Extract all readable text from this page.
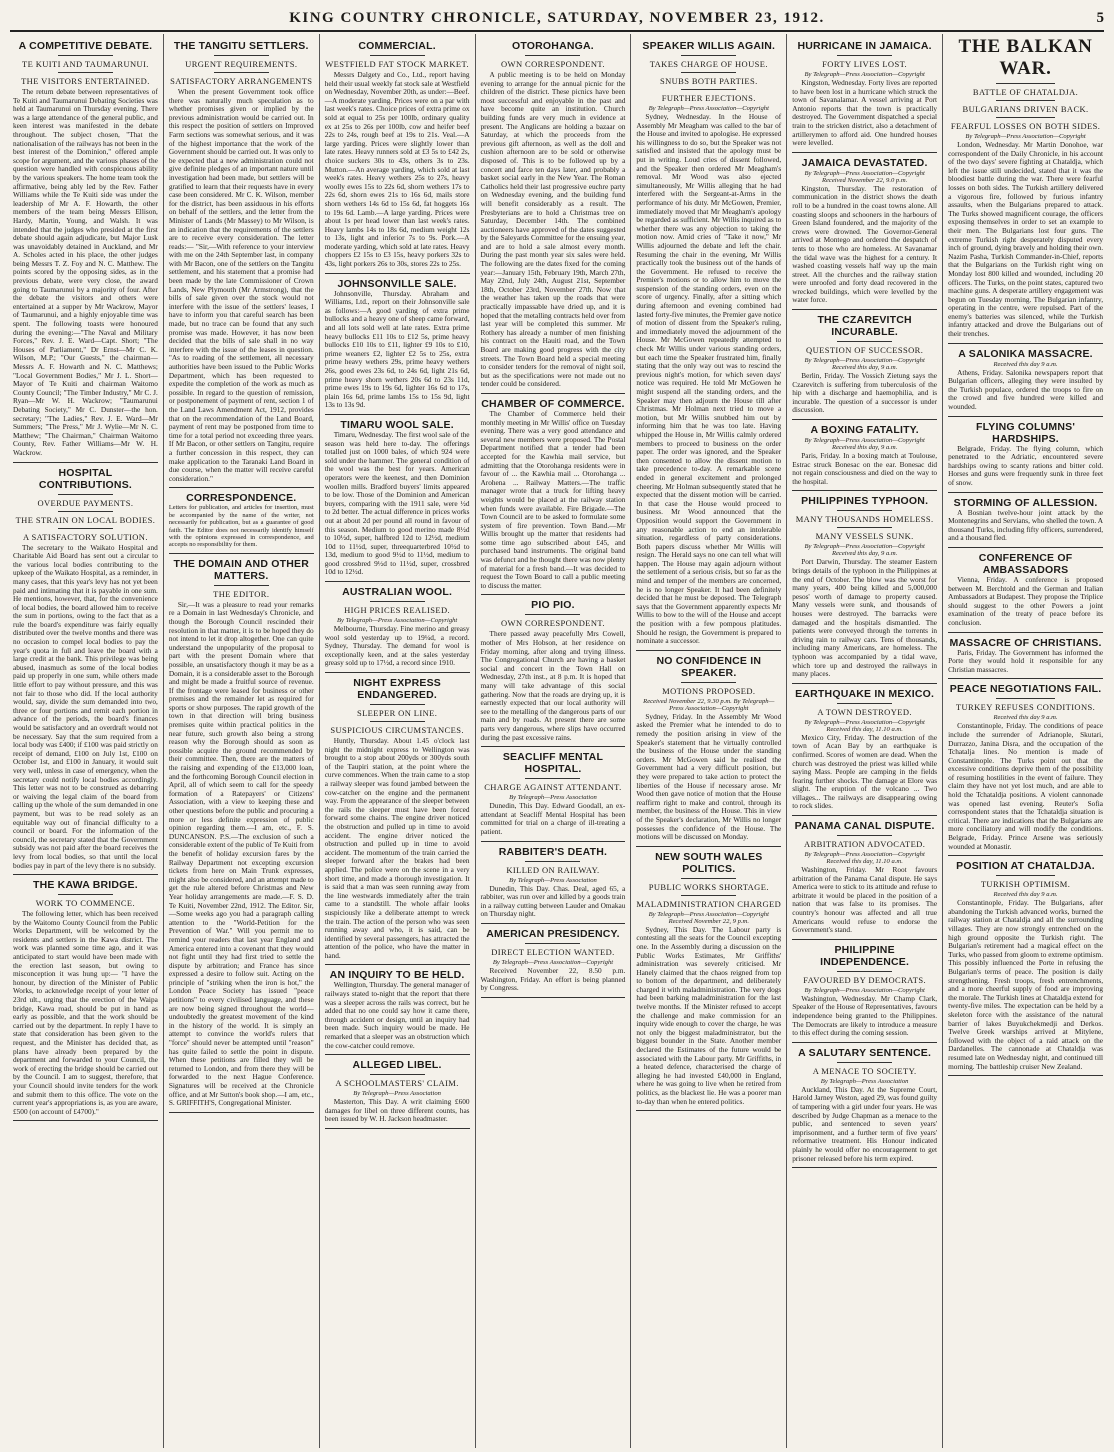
KING COUNTRY CHRONICLE, SATURDAY, NOVEMBER 23, 1912.	5
A COMPETITIVE DEBATE.
TE KUITI AND TAUMARUNUI.
THE VISITORS ENTERTAINED.

The return debate between representatives of Te Kuiti and Taumarunui Debating Societies was held at Taumarunui on Thursday evening. There was a large attendance of the general public, and keen interest was manifested in the debate throughout. The subject chosen, "That the nationalisation of the railways has not been in the best interest of the Dominion," offered ample scope for argument, and the various phases of the question were handled with conspicuous ability by the various speakers. The home team took the affirmative, being ably led by the Rev. Father Williams while the Te Kuiti side was under the leadership of Mr A. F. Howarth, the other members of the team being Messrs Ellison, Hardy, Martin, Young, and Walsh. It was intended that the judges who presided at the first debate should again adjudicate, but Major Lusk was unavoidably detained in Auckland, and Mr A. Scholes acted in his place, the other judges being Messrs T. Z. Foy and N. C. Matthew. The points scored by the opposing sides, as in the previous debate, were very close, the award going to Taumarunui by a majority of four. After the debate the visitors and others were entertained at a supper by Mr Wackrow, Mayor of Taumarunui, and a highly enjoyable time was spent. The following toasts were honoured during the evening:—"The Naval and Military Forces," Rev. J. E. Ward—Capt. Short; "The Houses of Parliament," Dr Ernst—Mr C. K. Wilson, M.P.; "Our Guests," the chairman—Messrs A. F. Howarth and N. C. Matthews; "Local Government Bodies," Mr J. L. Short—Mayor of Te Kuiti and chairman Waitomo County Council; "The Timber Industry," Mr C. J. Ryan—Mr W. H. Wackrow; "Taumarunui Debating Society," Mr C. Dunster—the hon. secretary; "The Ladies," Rev. J. E. Ward—Mr Summers; "The Press," Mr J. Wylie—Mr N. C. Matthew; "The Chairman," Chairman Waitomo County, Rev. Father Williams—Mr W. H. Wackrow.

HOSPITAL CONTRIBUTIONS.
OVERDUE PAYMENTS.
THE STRAIN ON LOCAL BODIES.
A SATISFACTORY SOLUTION.

The secretary to the Waikato Hospital and Charitable Aid Board has sent out a circular to the various local bodies contributing to the upkeep of the Waikato Hospital, as a reminder, in many cases, that this year's levy has not yet been paid and intimating that it is payable in one sum. He mentions, however, that, for the convenience of local bodies, the board allowed him to receive the sum in portions, owing to the fact that as a rule the board's expenditure was fairly equally distributed over the twelve months and there was no occasion to compel local bodies to pay the year's quota in full and leave the board with a large credit at the bank. This privilege was being abused, inasmuch as some of the local bodies paid up properly in one sum, while others made little effort to pay without pressure, and this was not fair to those who did. If the local authority would, say, divide the sum demanded into two, three or four portions and remit each portion in advance of the periods, the board's finances would be satisfactory and an overdraft would not be necessary. Say that the sum required from a local body was £400; if £100 was paid strictly on receipt of demand, £100 on July 1st, £100 on October 1st, and £100 in January, it would suit very well, unless in case of emergency, when the secretary could notify local bodies accordingly. This letter was not to be construed as debarring or waiving the legal claim of the board from calling up the whole of the sum demanded in one payment, but was to be read solely as an equitable way out of financial difficulty to a council or board. For the information of the council, the secretary stated that the Government subsidy was not paid after the board receives the levy from local bodies, so that until the local bodies pay in part of the levy there is no subsidy.

THE KAWA BRIDGE.
WORK TO COMMENCE.

The following letter, which has been received by the Waitomo County Council from the Public Works Department, will be welcomed by the residents and settlers in the Kawa district. The work was planned some time ago, and it was anticipated to start would have been made with the erection last season, but owing to misconception it was hung up:— "I have the honour, by direction of the Minister of Public Works, to acknowledge receipt of your letter of 23rd ult., urging that the erection of the Waipa bridge, Kawa road, should be put in hand as early as possible, and that the work should be carried out by the department. In reply I have to state that consideration has been given to the request, and the Minister has decided that, as plans have already been prepared by the department and forwarded to your Council, the work of erecting the bridge should be carried out by the Council. I am to suggest, therefore, that your Council should invite tenders for the work and submit them to this office. The vote on the current year's appropriations is, as you are aware, £500 (on account of £4700)."

THE TANGITU SETTLERS.
URGENT REQUIREMENTS.
SATISFACTORY ARRANGEMENTS

When the present Government took office there was naturally much speculation as to whether promises given or implied by the previous administration would be carried out. In this respect the position of settlers on Improved Farm sections was somewhat serious, and it was of the highest importance that the work of the Government should be carried out. It was only to be expected that a new administration could not give definite pledges of an important nature until investigation had been made, but settlers will be gratified to learn that their requests have in every case been considered. Mr C. K. Wilson, member for the district, has been assiduous in his efforts on behalf of the settlers, and the letter from the Minister of Lands (Mr Massey) to Mr Wilson, is an indication that the requirements of the settlers are to receive every consideration. The letter reads:— "Sir,—With reference to your interview with me on the 24th September last, in company with Mr Bacon, one of the settlers on the Tangitu settlement, and his statement that a promise had been made by the late Commissioner of Crown Lands, New Plymouth (Mr Armstrong), that the bills of sale given over the stock would not interfere with the issue of the settlers' leases, I have to inform you that careful search has been made, but no trace can be found that any such promise was made. However, it has now been decided that the bills of sale shall in no way interfere with the issue of the leases in question. "As to roading of the settlement, all necessary authorities have been issued to the Public Works Department, which has been requested to expedite the completion of the work as much as possible. In regard to the question of remission, or postponement of payment of rent, section 1 of the Land Laws Amendment Act, 1912, provides that on the recommendation of the Land Board, payment of rent may be postponed from time to time for a total period not exceeding three years. If Mr Bacon, or other settlers on Tangitu, require a further concession in this respect, they can make application to the Taranaki Land Board in due course, when the matter will receive careful consideration."

CORRESPONDENCE.
Letters for publication, and articles for insertion, must be accompanied by the name of the writer, not necessarily for publication, but as a guarantee of good faith. The Editor does not necessarily identify himself with the opinions expressed in correspondence, and accepts no responsibility for them.
THE DOMAIN AND OTHER MATTERS.
THE EDITOR.

Sir,—It was a pleasure to read your remarks re a Domain in last Wednesday's Chronicle, and though the Borough Council rescinded their resolution in that matter, it is to be hoped they do not intend to let it drop altogether. One can quite understand the unpopularity of the proposal to part with the present Domain where that possible, an unsatisfactory though it may be as a Domain, it is a considerable asset to the Borough and might be made a fruitful source of revenue. If the frontage were leased for business or other premises and the remainder let as required for sports or show purposes. The rapid growth of the town in that direction will bring business premises quite within practical politics in the near future, such growth also being a strong reason why the Borough should as soon as possible acquire the ground recommended by their committee. Then, there are the matters of the raising and expending of the £13,000 loan, and the forthcoming Borough Council election in April, all of which seem to call for the speedy formation of a Ratepayers' or Citizens' Association, with a view to keeping these and other questions before the public and procuring a more or less definite expression of public opinion regarding them.—I am, etc., F. S. DUNCANSON. P.S.—The exclusion of such a considerable extent of the public of Te Kuiti from the benefit of holiday excursion fares by the Railway Department not excepting excursion tickets from here on Main Trunk expresses, might also be considered, and an attempt made to get the rule altered before Christmas and New Year holiday arrangements are made.—F. S. D. Te Kuiti, November 22nd, 1912. The Editor. Sir,—Some weeks ago you had a paragraph calling attention to the "World-Petition for the Prevention of War." Will you permit me to remind your readers that last year England and America entered into a covenant that they would not fight until they had first tried to settle the dispute by arbitration; and France has since expressed a desire to follow suit. Acting on the principle of "striking when the iron is hot," the London Peace Society has issued "peace petitions" to every civilised language, and these are now being signed throughout the world—undoubtedly the greatest movement of the kind in the history of the world. It is simply an attempt to convince the world's rulers that "force" should never be attempted until "reason" has quite failed to settle the point in dispute. When these petitions are filled they will be returned to London, and from there they will be forwarded to the next Hague Conference. Signatures will be received at the Chronicle office, and at Mr Sutton's book shop.—I am, etc., S. GRIFFITH'S, Congregational Minister.

COMMERCIAL.
WESTFIELD FAT STOCK MARKET.

Messrs Dalgety and Co., Ltd., report having held their usual weekly fat stock sale at Westfield on Wednesday, November 20th, as under:—Beef.—A moderate yarding. Prices were on a par with last week's rates. Choice prices of extra prime ox sold at equal to 25s per 100lb, ordinary quality ex at 25s to 26s per 100lb, cow and heifer beef 22s to 24s, rough beef at 19s to 21s. Veal.—A large yarding. Prices were slightly lower than late rates. Heavy runners sold at £3 5s to £42 2s, choice suckers 30s to 43s, others 3s to 23s. Mutton.—An average yarding, which sold at last week's rates. Heavy wethers 25s to 27s, heavy woolly ewes 15s to 22s 6d, shorn wethers 17s to 22s 6d, shorn ewes 21s to 16s 6d, mails store shorn wethers 14s 6d to 15s 6d, fat hoggets 16s to 19s 6d. Lamb.—A large yarding. Prices were about 1s per head lower than last week's rates. Heavy lambs 14s to 18s 6d, medium weight 12s to 13s, light and inferior 7s to 9s. Pork.—A moderate yarding, which sold at late rates. Heavy choppers £2 15s to £3 15s, heavy porkers 32s to 43s, light porkers 26s to 30s, stores 22s to 25s.

JOHNSONVILLE SALE.

Johnsonville, Thursday. Abraham and Williams, Ltd., report on their Johnsonville sale as follows:—A good yarding of extra prime bullocks and a heavy one of sheep came forward, and all lots sold well at late rates. Extra prime heavy bullocks £11 10s to £12 5s, prime heavy bullocks £10 10s to £11, lighter £9 10s to £10, prime weaners £2, lighter £2 5s to 25s, extra prime heavy wethers 29s, prime heavy wethers 26s, good ewes 23s 6d, to 24s 6d, light 21s 6d, prime heavy shorn wethers 20s 6d to 23s 11d, prime ewes 19s to 19s 6d, lighter 16s 6d to 17s, plain 16s 6d, prime lambs 15s to 15s 9d, light 13s to 13s 9d.

TIMARU WOOL SALE.

Timaru, Wednesday. The first wool sale of the season was held here to-day. The offerings totalled just on 1000 bales, of which 924 were sold under the hammer. The general condition of the wool was the best for years. American operators were the keenest, and then Dominion woollen mills. Bradford buyers' limits appeared to be low. Those of the Dominion and American buyers, comparing with the 1911 sale, were ½d to 2d better. The actual difference in prices works out at about 2d per pound all round in favour of this season. Medium to good merino made 8½d to 10½d, super, halfbred 12d to 12½d, medium 10d to 11½d, super, threequarterbred 10½d to 13d, medium to good 9½d to 11½d, medium to good crossbred 9½d to 11½d, super, crossbred 10d to 12½d.

AUSTRALIAN WOOL.
HIGH PRICES REALISED.
By Telegraph—Press Association—Copyright

Melbourne, Thursday. Fine merino and greasy wool sold yesterday up to 19¼d, a record. Sydney, Thursday. The demand for wool is exceptionally keen, and at the sales yesterday greasy sold up to 17½d, a record since 1910.

NIGHT EXPRESS ENDANGERED.
SLEEPER ON LINE.
SUSPICIOUS CIRCUMSTANCES.

Huntly, Thursday. About 1.45 o'clock last night the midnight express to Wellington was brought to a stop about 200yds or 300yds south of the Taupiri station, at the point where the curve commences. When the train came to a stop a railway sleeper was found jambed between the cow-catcher on the engine and the permanent way. From the appearance of the sleeper between the rails the sleeper must have been forced forward some chains. The engine driver noticed the obstruction and pulled up in time to avoid accident. The engine driver noticed the obstruction and pulled up in time to avoid accident. The momentum of the train carried the sleeper forward after the brakes had been applied. The police were on the scene in a very short time, and made a thorough investigation. It is said that a man was seen running away from the line westwards immediately after the train came to a standstill. The whole affair looks suspiciously like a deliberate attempt to wreck the train. The action of the person who was seen running away and who, it is said, can be identified by several passengers, has attracted the attention of the police, who have the matter in hand.

AN INQUIRY TO BE HELD.

Wellington, Thursday. The general manager of railways stated to-night that the report that there was a sleeper across the rails was correct, but he added that no one could say how it came there, through accident or design, until an inquiry had been made. Such inquiry would be made. He remarked that a sleeper was an obstruction which the cow-catcher could remove.

ALLEGED LIBEL.
A SCHOOLMASTERS' CLAIM.
By Telegraph—Press Association

Masterton, This Day. A writ claiming £600 damages for libel on three different counts, has been issued by W. H. Jackson headmaster.

OTOROHANGA.
OWN CORRESPONDENT.

A public meeting is to be held on Monday evening to arrange for the annual picnic for the children of the district. These picnics have been most successful and enjoyable in the past and have become quite an institution. Church building funds are very much in evidence at present. The Anglicans are holding a bazaar on Saturday, at which the proceeds from the previous gift afternoon, as well as the doll and cushion afternoon are to be sold or otherwise disposed of. This is to be followed up by a concert and farce ten days later, and probably a basket social early in the New Year. The Roman Catholics held their last progressive euchre party on Wednesday evening, and the building fund will benefit considerably as a result. The Presbyterians are to hold a Christmas tree on Saturday, December 14th. The combined auctioneers have approved of the dates suggested by the Saleyards Committee for the ensuing year, and are to hold a sale almost every month. During the past month year six sales were held. The following are the dates fixed for the coming year:—January 15th, February 19th, March 27th, May 22nd, July 24th, August 21st, September 18th, October 23rd, November 27th. Now that the weather has taken up the roads that were practically impassable have dried up, and it is hoped that the metalling contracts held over from last year will be completed this summer. Mr Rothery has already a number of men finishing his contract on the Hauiti road, and the Town Board are making good progress with the city streets. The Town Board held a special meeting to consider tenders for the removal of night soil, but as the specifications were not made out no tender could be considered.

CHAMBER OF COMMERCE.

The Chamber of Commerce held their monthly meeting in Mr Willis' office on Tuesday evening. There was a very good attendance and several new members were proposed. The Postal Department notified that a tender had been accepted for the Kawhia mail service, but admitting that the Otorohanga residents were in favour of ... the Kawhia mail ... Otorohanga ... Arohena ... Railway Matters.—The traffic manager wrote that a truck for lifting heavy weights would be placed at the railway station when funds were available. Fire Brigade.—The Town Council are to be asked to formulate some system of fire prevention. Town Band.—Mr Willis brought up the matter that residents had some time ago subscribed about £45, and purchased band instruments. The original band was defunct and he thought there was now plenty of material for a fresh band.—It was decided to request the Town Board to call a public meeting to discuss the matter.

PIO PIO.
OWN CORRESPONDENT.

There passed away peacefully Mrs Cowell, mother of Mrs Hobson, at her residence on Friday morning, after along and trying illness. The Congregational Church are having a basket social and concert in the Town Hall on Wednesday, 27th inst., at 8 p.m. It is hoped that many will take advantage of this social gathering. Now that the roads are drying up, it is earnestly expected that our local authority will see to the metalling of the dangerous parts of our main and by roads. At present there are some parts very dangerous, where slips have occurred during the past excessive rains.

SEACLIFF MENTAL HOSPITAL.
CHARGE AGAINST ATTENDANT.
By Telegraph—Press Association

Dunedin, This Day. Edward Goodall, an ex-attendant at Seacliff Mental Hospital has been committed for trial on a charge of ill-treating a patient.

RABBITER'S DEATH.
KILLED ON RAILWAY.
By Telegraph—Press Association

Dunedin, This Day. Chas. Deal, aged 65, a rabbiter, was run over and killed by a goods train in a railway cutting between Lauder and Omakau on Thursday night.

AMERICAN PRESIDENCY.
DIRECT ELECTION WANTED.
By Telegraph—Press Association—Copyright

Received November 22, 8.50 p.m. Washington, Friday. An effort is being planned by Congress.

SPEAKER WILLIS AGAIN.
TAKES CHARGE OF HOUSE.
SNUBS BOTH PARTIES.
FURTHER EJECTIONS.
By Telegraph—Press Association—Copyright

Sydney, Wednesday. In the House of Assembly Mr Meagham was called to the bar of the House and invited to apologise. He expressed his willingness to do so, but the Speaker was not satisfied and insisted that the apology must be put in writing. Loud cries of dissent followed, and the Speaker then ordered Mr Meagham's removal. Mr Wood was also ejected simultaneously, Mr Willis alleging that he had interfered with the Sergeant-at-Arms in the performance of his duty. Mr McGowen, Premier, immediately moved that Mr Meagham's apology be regarded as sufficient. Mr Willis inquired as to whether there was any objection to taking the motion now. Amid cries of "Take it now," Mr Willis adjourned the debate and left the chair. Resuming the chair in the evening, Mr Willis practically took the business out of the hands of the Government. He refused to receive the Premier's motions or to allow him to move the suspension of the standing orders, even on the score of urgency. Finally, after a sitting which during afternoon and evening combined had lasted forty-five minutes, the Premier gave notice of motion of dissent from the Speaker's ruling, and immediately moved the adjournment of the House. Mr McGowen repeatedly attempted to check Mr Willis under various standing orders, but each time the Speaker frustrated him, finally stating that the only way out was to rescind the previous night's motion, for which seven days' notice was required. He told Mr McGowen he might suspend all the standing orders, and the Speaker may then adjourn the House till after Christmas. Mr Holman next tried to move a motion, but Mr Willis snubbed him out by informing him that he was too late. Having whipped the House in, Mr Willis calmly ordered members to proceed to business on the order paper. The order was ignored, and the Speaker then consented to allow the dissent motion to take precedence to-day. A remarkable scene ended in general excitement and prolonged cheering. Mr Holman subsequently stated that he expected that the dissent motion will be carried. In that case the House would proceed to business. Mr Wood announced that the Opposition would support the Government in any reasonable action to end an intolerable situation, regardless of party considerations. Both papers discuss whether Mr Willis will resign. The Herald says no one can tell what will happen. The House may again adjourn without the settlement of a serious crisis, but so far as the mind and temper of the members are concerned, he is no longer Speaker. It had been definitely decided that he must be deposed. The Telegraph says that the Government apparently expects Mr Willis to bow to the will of the House and accept the position with a few pompous platitudes. Should he resign, the Government is prepared to nominate a successor.

NO CONFIDENCE IN SPEAKER.
MOTIONS PROPOSED.
Received November 22, 9.30 p.m. By Telegraph—Press Association—Copyright

Sydney, Friday. In the Assembly Mr Wood asked the Premier what he intended to do to remedy the position arising in view of the Speaker's statement that he virtually controlled the business of the House under the standing orders. Mr McGowen said he realised the Government had a very difficult position, but they were prepared to take action to protect the liberties of the House if necessary arose. Mr Wood then gave notice of motion that the House reaffirm right to make and control, through its member, the business of the House. This in view of the Speaker's declaration, Mr Willis no longer possesses the confidence of the House. The motions will be discussed on Monday.

NEW SOUTH WALES POLITICS.
PUBLIC WORKS SHORTAGE.
MALADMINISTRATION CHARGED
By Telegraph—Press Association—Copyright Received November 22, 9 p.m.

Sydney, This Day. The Labour party is contesting all the seats for the Council excepting one. In the Assembly during a discussion on the Public Works Estimates, Mr Griffiths' administration was severely criticised. Mr Hanely claimed that the chaos reigned from top to bottom of the department, and deliberately charged it with maladministration. The very dogs had been barking maladministration for the last twelve months. If the Minister refused to accept the challenge and make commission for an inquiry wide enough to cover the charge, he was not only the biggest maladministrator, but the biggest bounder in the State. Another member declared the Estimates of the future would be associated with the Labour party. Mr Griffiths, in a heated defence, characterised the charge of alleging he had invested £40,000 in England, where he was going to live when he retired from politics, as the blackest lie. He was a poorer man to-day than when he entered politics.

HURRICANE IN JAMAICA.
FORTY LIVES LOST.
By Telegraph—Press Association—Copyright

Kingston, Wednesday. Forty lives are reported to have been lost in a hurricane which struck the town of Savanalamar. A vessel arriving at Port Antonio reports that the town is practically destroyed. The Government dispatched a special train to the stricken district, also a detachment of artillerymen to afford aid. One hundred houses were levelled.

JAMAICA DEVASTATED.
By Telegraph—Press Association—Copyright Received November 22, 9.0 p.m.

Kingston, Thursday. The restoration of communication in the district shows the death roll to be a hundred in the coast towns alone. All coasting sloops and schooners in the harbours of Green Island foundered, and the majority of the crews were drowned. The Governor-General arrived at Montego and ordered the despatch of tents to those who are homeless. At Savanamar the tidal wave was the highest for a century. It washed coasting vessels half way up the main street. All the churches and the railway station were unroofed and forty dead recovered in the wrecked buildings, which were levelled by the water force.

THE CZAREVITCH INCURABLE.
QUESTION OF SUCCESSOR.
By Telegraph—Press Association—Copyright Received this day, 9 a.m.

Berlin, Friday. The Vossich Zietung says the Czarevitch is suffering from tuberculosis of the hip with a discharge and haemophilia, and is incurable. The question of a successor is under discussion.

A BOXING FATALITY.
By Telegraph—Press Association—Copyright Received this day, 9 a.m.

Paris, Friday. In a boxing match at Toulouse, Estrac struck Bonesac on the ear. Bonesac did not regain consciousness and died on the way to the hospital.

PHILIPPINES TYPHOON.
MANY THOUSANDS HOMELESS.
MANY VESSELS SUNK.
By Telegraph—Press Association—Copyright Received this day, 9 a.m.

Port Darwin, Thursday. The steamer Eastern brings details of the typhoon in the Philippines at the end of October. The blow was the worst for many years, 400 being killed and 5,000,000 pesos' worth of damage to property caused. Many vessels were sunk, and thousands of houses were destroyed. The barracks were damaged and the hospitals dismantled. The patients were conveyed through the torrents in driving rain to railway cars. Tens of thousands, including many Americans, are homeless. The typhoon was accompanied by a tidal wave, which tore up and destroyed the railways in many places.

EARTHQUAKE IN MEXICO.
A TOWN DESTROYED.
By Telegraph—Press Association—Copyright Received this day, 11.10 a.m.

Mexico City, Friday. The destruction of the town of Acan Bay by an earthquake is confirmed. Scores of women are dead. When the church was destroyed the priest was killed while saying Mass. People are camping in the fields fearing further shocks. The damage at Elore was slight. The eruption of the volcano ... Two villages... The railways are disappearing owing to rock slides.

PANAMA CANAL DISPUTE.
ARBITRATION ADVOCATED.
By Telegraph—Press Association—Copyright Received this day, 11.10 a.m.

Washington, Friday. Mr Root favours arbitration of the Panama Canal dispute. He says America were to stick to its attitude and refuse to arbitrate it would be placed in the position of a nation that was false to its promises. The country's honour was affected and all true Americans would refuse to endorse the Government's stand.

PHILIPPINE INDEPENDENCE.
FAVOURED BY DEMOCRATS.
By Telegraph—Press Association—Copyright

Washington, Wednesday. Mr Champ Clark, Speaker of the House of Representatives, favours independence being granted to the Philippines. The Democrats are likely to introduce a measure to this effect during the coming session.

A SALUTARY SENTENCE.
A MENACE TO SOCIETY.
By Telegraph—Press Association

Auckland, This Day. At the Supreme Court, Harold Jarney Weston, aged 29, was found guilty of tampering with a girl under four years. He was described by Judge Chapman as a menace to the public, and sentenced to seven years' imprisonment, and a further term of five years' reformative treatment. His Honour indicated plainly he would offer no encouragement to get prisoner released before his term expired.

THE BALKAN WAR.
BATTLE OF CHATALDJA.
BULGARIANS DRIVEN BACK.
FEARFUL LOSSES ON BOTH SIDES.
By Telegraph—Press Association—Copyright

London, Wednesday. Mr Martin Donohoe, war correspondent of the Daily Chronicle, in his account of the two days' severe fighting at Chataldja, which left the issue still undecided, stated that it was the bloodiest battle during the war. There were fearful losses on both sides. The Turkish artillery delivered a vigorous fire, followed by furious infantry assaults, when the Bulgarians prepared to attack. The Turks showed magnificent courage, the officers exposing themselves in order to set an example to their men. The Bulgarians lost four guns. The extreme Turkish right desperately disputed every inch of ground, dying bravely and holding their own. Nazim Pasha, Turkish Commander-in-Chief, reports that the Bulgarians on the Turkish right wing on Monday lost 800 killed and wounded, including 20 officers. The Turks, on the point states, captured two machine guns. A desperate artillery engagement was begun on Tuesday morning. The Bulgarian infantry, operating in the centre, were repulsed. Part of the enemy's batteries was silenced, while the Turkish infantry attacked and drove the Bulgarians out of their trenches.

A SALONIKA MASSACRE.
Received this day 9 a.m.

Athens, Friday. Salonika newspapers report that Bulgarian officers, alleging they were insulted by the Turkish populace, ordered the troops to fire on the crowd and five hundred were killed and wounded.

FLYING COLUMNS' HARDSHIPS.

Belgrade, Friday. The flying column, which penetrated to the Adriatic, encountered severe hardships owing to scanty rations and bitter cold. Horses and guns were frequently sunk in three feet of snow.

STORMING OF ALLESSION.

A Bosnian twelve-hour joint attack by the Montenegrins and Servians, who shelled the town. A thousand Turks, including fifty officers, surrendered, and a thousand fled.

CONFERENCE OF AMBASSADORS

Vienna, Friday. A conference is proposed between M. Berchtold and the German and Italian Ambassadors at Budapest. They propose the Triplice should suggest to the other Powers a joint examination of the treaty of peace before its conclusion.

MASSACRE OF CHRISTIANS.

Paris, Friday. The Government has informed the Porte they would hold it responsible for any Christian massacres.

PEACE NEGOTIATIONS FAIL.
TURKEY REFUSES CONDITIONS.
Received this day 9 a.m.

Constantinople, Friday. The conditions of peace include the surrender of Adrianople, Skutari, Durrazzo, Janina Disra, and the occupation of the Tchatalja lines. No mention is made of Constantinople. The Turks point out that the excessive conditions deprive them of the possibility of resuming hostilities in the event of failure. They claim they have not yet lost much, and are able to hold the Tchataldja positions. A violent cannonade was opened last evening. Reuter's Sofia correspondent states that the Tchataldja situation is critical. There are indications that the Bulgarians are more conciliatory and will modify the conditions. Belgrade, Friday. Prince Arsene was seriously wounded at Monastir.

POSITION AT CHATALDJA.
TURKISH OPTIMISM.
Received this day 9 a.m.

Constantinople, Friday. The Bulgarians, after abandoning the Turkish advanced works, burned the railway station at Chataldja and all the surrounding villages. They are now strongly entrenched on the high ground opposite the Turkish right. The Bulgarian's retirement had a magical effect on the Turks, who passed from gloom to extreme optimism. This possibly influenced the Porte in refusing the Bulgarian's terms of peace. The position is daily strengthening. Fresh troops, fresh entrenchments, and a more cheerful supply of food are improving the morale. The Turkish lines at Chataldja extend for twenty-five miles. The expectation can be held by a skeleton force with the assistance of the natural barrier of lakes Buyukchekmedji and Derkos. Twelve Greek warships arrived at Mitylene, followed with the object of a raid attack on the Dardanelles. The cannonade at Chataldja was resumed late on Wednesday night, and continued till morning. The battleship cruiser New Zealand.
